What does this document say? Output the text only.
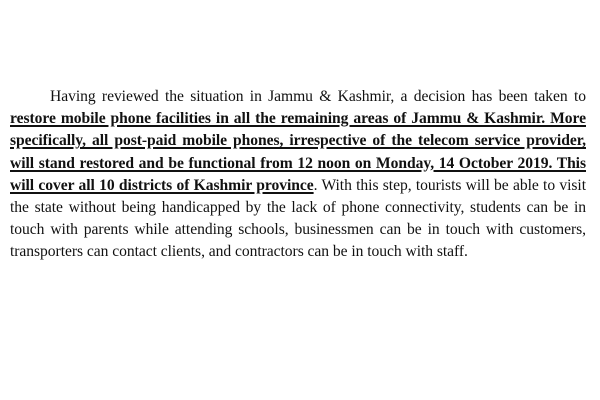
Having reviewed the situation in Jammu & Kashmir, a decision has been taken to restore mobile phone facilities in all the remaining areas of Jammu & Kashmir. More specifically, all post-paid mobile phones, irrespective of the telecom service provider, will stand restored and be functional from 12 noon on Monday, 14 October 2019. This will cover all 10 districts of Kashmir province. With this step, tourists will be able to visit the state without being handicapped by the lack of phone connectivity, students can be in touch with parents while attending schools, businessmen can be in touch with customers, transporters can contact clients, and contractors can be in touch with staff.
